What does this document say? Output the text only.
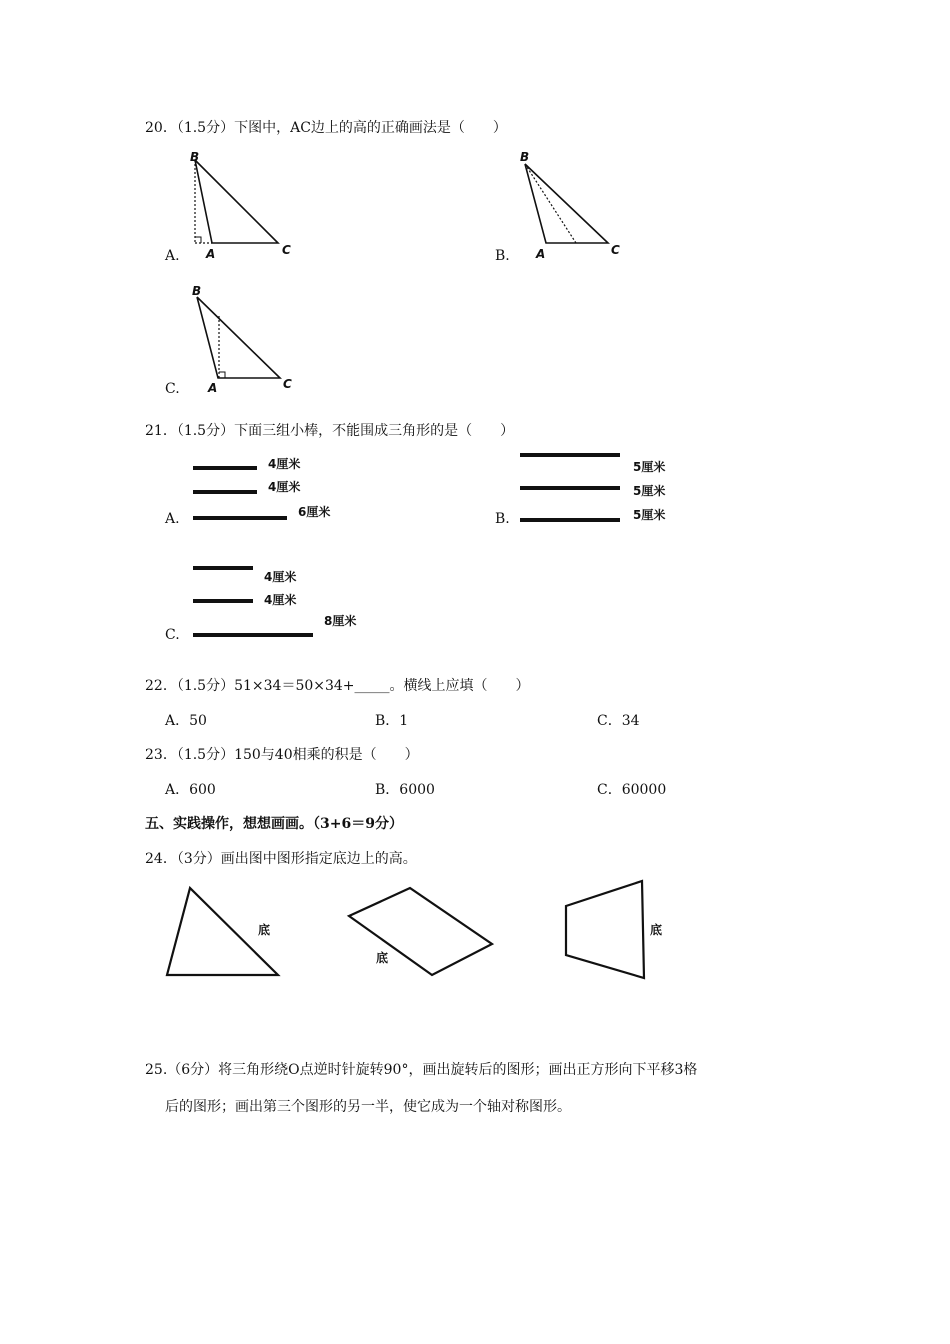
20．（1.5分）下图中，AC边上的高的正确画法是（　　）
B
A	C
B
A	C
B
A	C
A.	B.
C.
21．（1.5分）下面三组小棒，不能围成三角形的是（　　）
A.
4厘米
4厘米
6厘米	B.
5厘米
5厘米
5厘米
C.
4厘米
4厘米
8厘米
22．（1.5分）51×34＝50×34+_____。横线上应填（　　）
A．50	B．1	C．34
23．（1.5分）150与40相乘的积是（　　）
A．600	B．6000	C．60000
五、实践操作，想想画画。（3+6＝9分）
24．（3分）画出图中图形指定底边上的高。
底
底
底
25.（6分）将三角形绕O点逆时针旋转90°，画出旋转后的图形；画出正方形向下平移3格
后的图形；画出第三个图形的另一半，使它成为一个轴对称图形。
